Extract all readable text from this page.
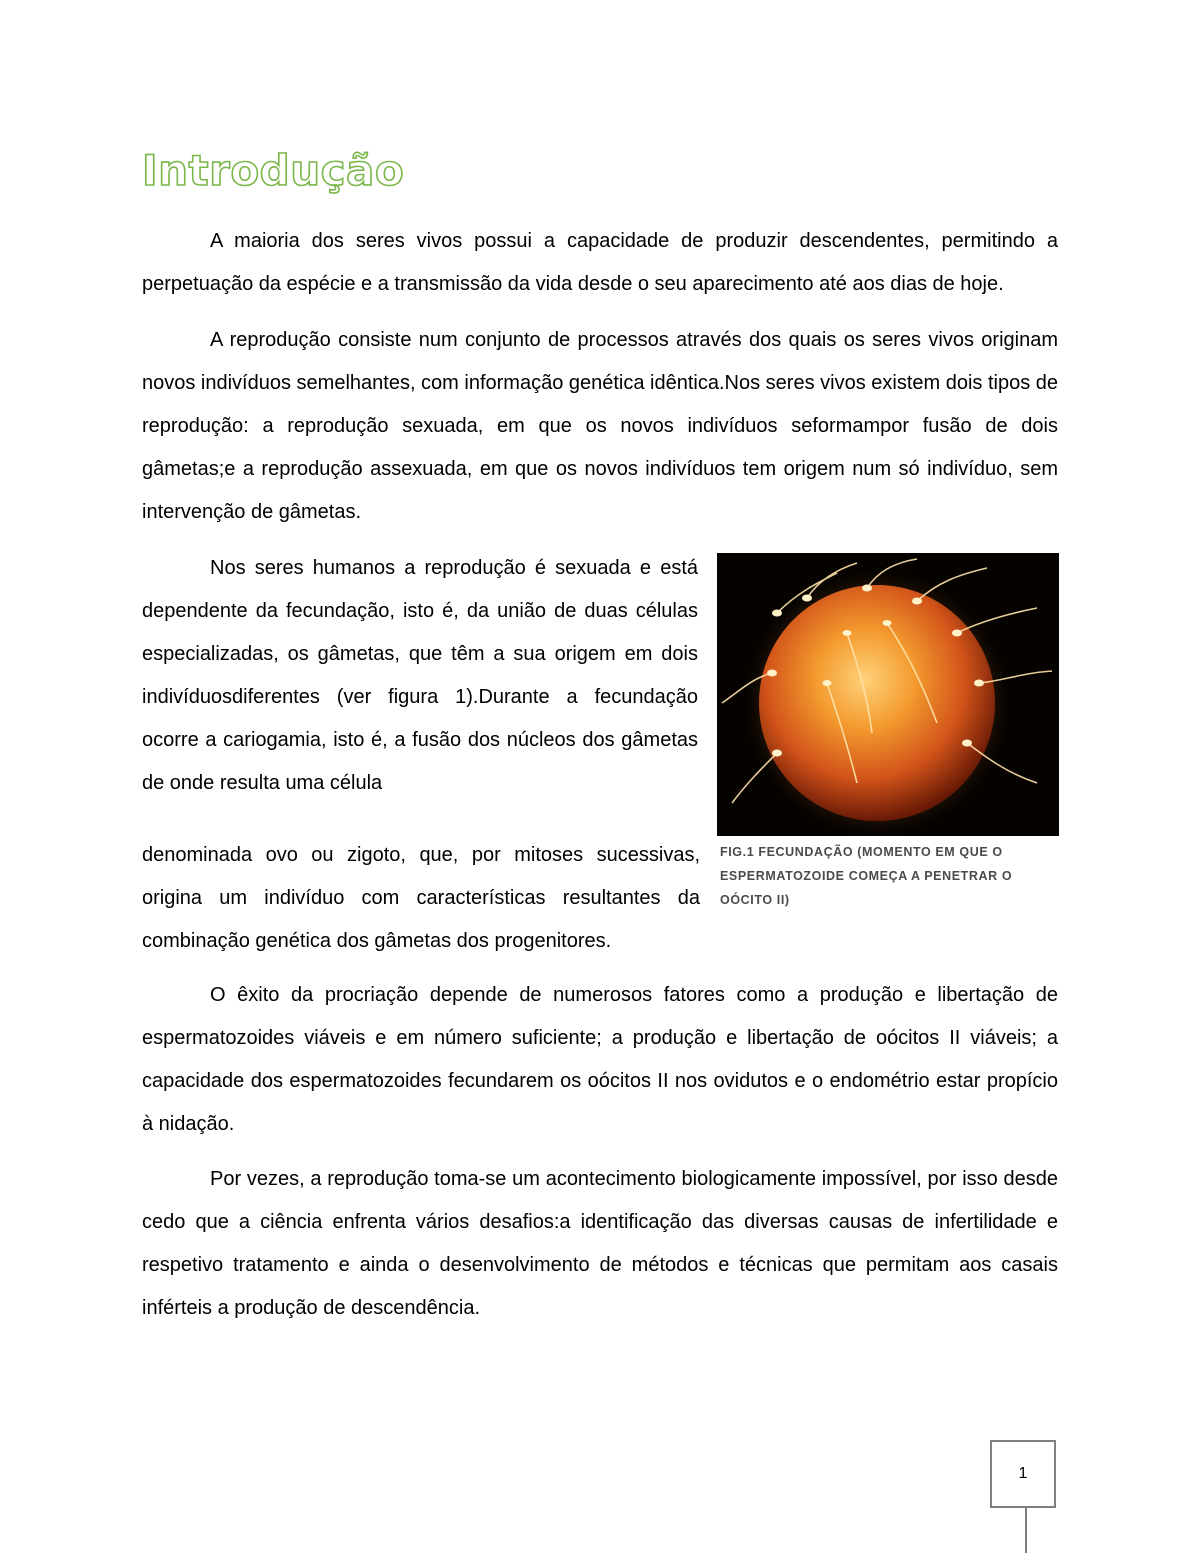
Introdução

A maioria dos seres vivos possui a capacidade de produzir descendentes, permitindo a perpetuação da espécie e a transmissão da vida desde o seu aparecimento até aos dias de hoje.

A reprodução consiste num conjunto de processos através dos quais os seres vivos originam novos indivíduos semelhantes, com informação genética idêntica.Nos seres vivos existem dois tipos de reprodução: a reprodução sexuada, em que os novos indivíduos seformampor fusão de dois gâmetas;e a reprodução assexuada, em que os novos indivíduos tem origem num só indivíduo, sem intervenção de gâmetas.

Nos seres humanos a reprodução é sexuada e está dependente da fecundação, isto é, da união de duas células especializadas, os gâmetas, que têm a sua origem em dois indivíduosdiferentes (ver figura 1).Durante a fecundação ocorre a cariogamia, isto é, a fusão dos núcleos dos gâmetas de onde resulta uma célula

denominada ovo ou zigoto, que, por mitoses sucessivas, origina um indivíduo com características resultantes da combinação genética dos gâmetas dos progenitores.

FIG.1 FECUNDAÇÃO (MOMENTO EM QUE O ESPERMATOZOIDE COMEÇA A PENETRAR O OÓCITO II)

O êxito da procriação depende de numerosos fatores como a produção e libertação de espermatozoides viáveis e em número suficiente; a produção e libertação de oócitos II viáveis; a capacidade dos espermatozoides fecundarem os oócitos II nos ovidutos e o endométrio estar propício à nidação.

Por vezes, a reprodução toma-se um acontecimento biologicamente impossível, por isso desde cedo que a ciência enfrenta vários desafios:a identificação das diversas causas de infertilidade e respetivo tratamento e ainda o desenvolvimento de métodos e técnicas que permitam aos casais inférteis a produção de descendência.

1
